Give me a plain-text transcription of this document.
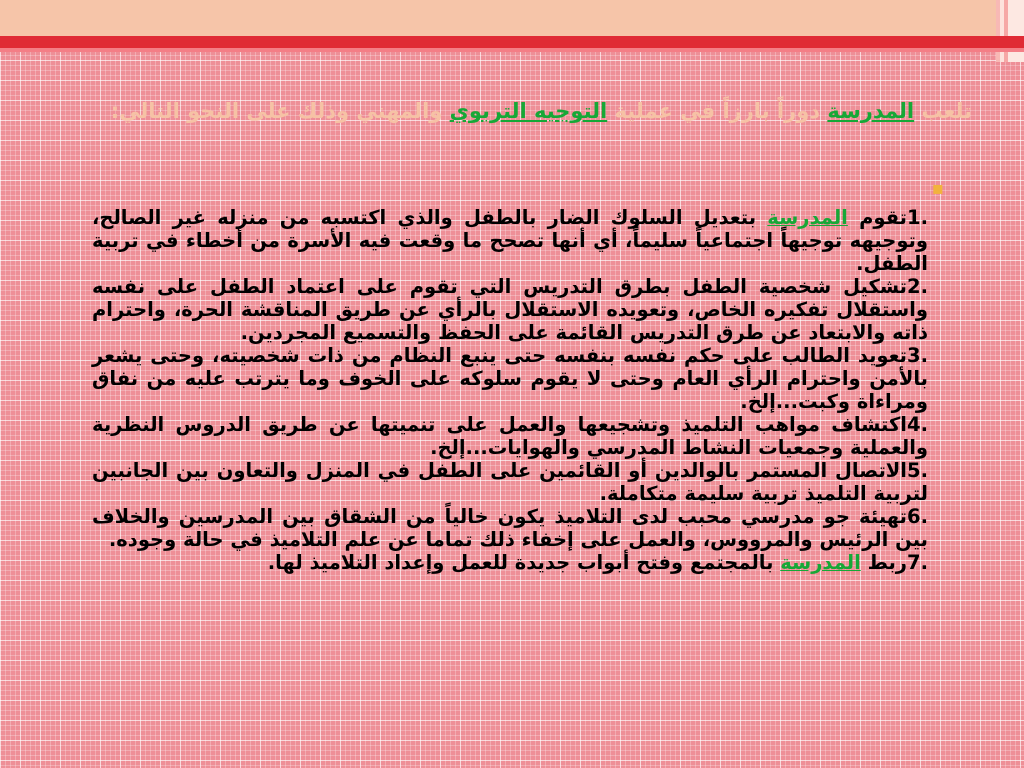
تلعب المدرسة دوراً بارزاً في عملية التوجيه التربوي والمهني وذلك على النحو التالي:
▪

.1تقوم المدرسة بتعديل السلوك الضار بالطفل والذي اكتسبه من منزله غير الصالح، وتوجيهه توجيهاً اجتماعياً سليماً، أي أنها تصحح ما وقعت فيه الأسرة من أخطاء في تربية الطفل.

.2تشكيل شخصية الطفل بطرق التدريس التي تقوم على اعتماد الطفل على نفسه واستقلال تفكيره الخاص، وتعويده الاستقلال بالرأي عن طريق المناقشة الحرة، واحترام ذاته والابتعاد عن طرق التدريس القائمة على الحفظ والتسميع المجردين.

.3تعويد الطالب على حكم نفسه بنفسه حتى ينبع النظام من ذات شخصيته، وحتى يشعر بالأمن واحترام الرأي العام وحتى لا يقوم سلوكه على الخوف وما يترتب عليه من نفاق ومراءاة وكبت...إلخ.

.4اكتشاف مواهب التلميذ وتشجيعها والعمل على تنميتها عن طريق الدروس النظرية والعملية وجمعيات النشاط المدرسي والهوايات...إلخ.

.5الاتصال المستمر بالوالدين أو القائمين على الطفل في المنزل والتعاون بين الجانبين لتربية التلميذ تربية سليمة متكاملة.

.6تهيئة جو مدرسي محبب لدى التلاميذ يكون خالياً من الشقاق بين المدرسين والخلاف بين الرئيس والمرووس، والعمل على إخفاء ذلك تماما عن علم التلاميذ في حالة وجوده.

.7ربط المدرسة بالمجتمع وفتح أبواب جديدة للعمل وإعداد التلاميذ لها.
